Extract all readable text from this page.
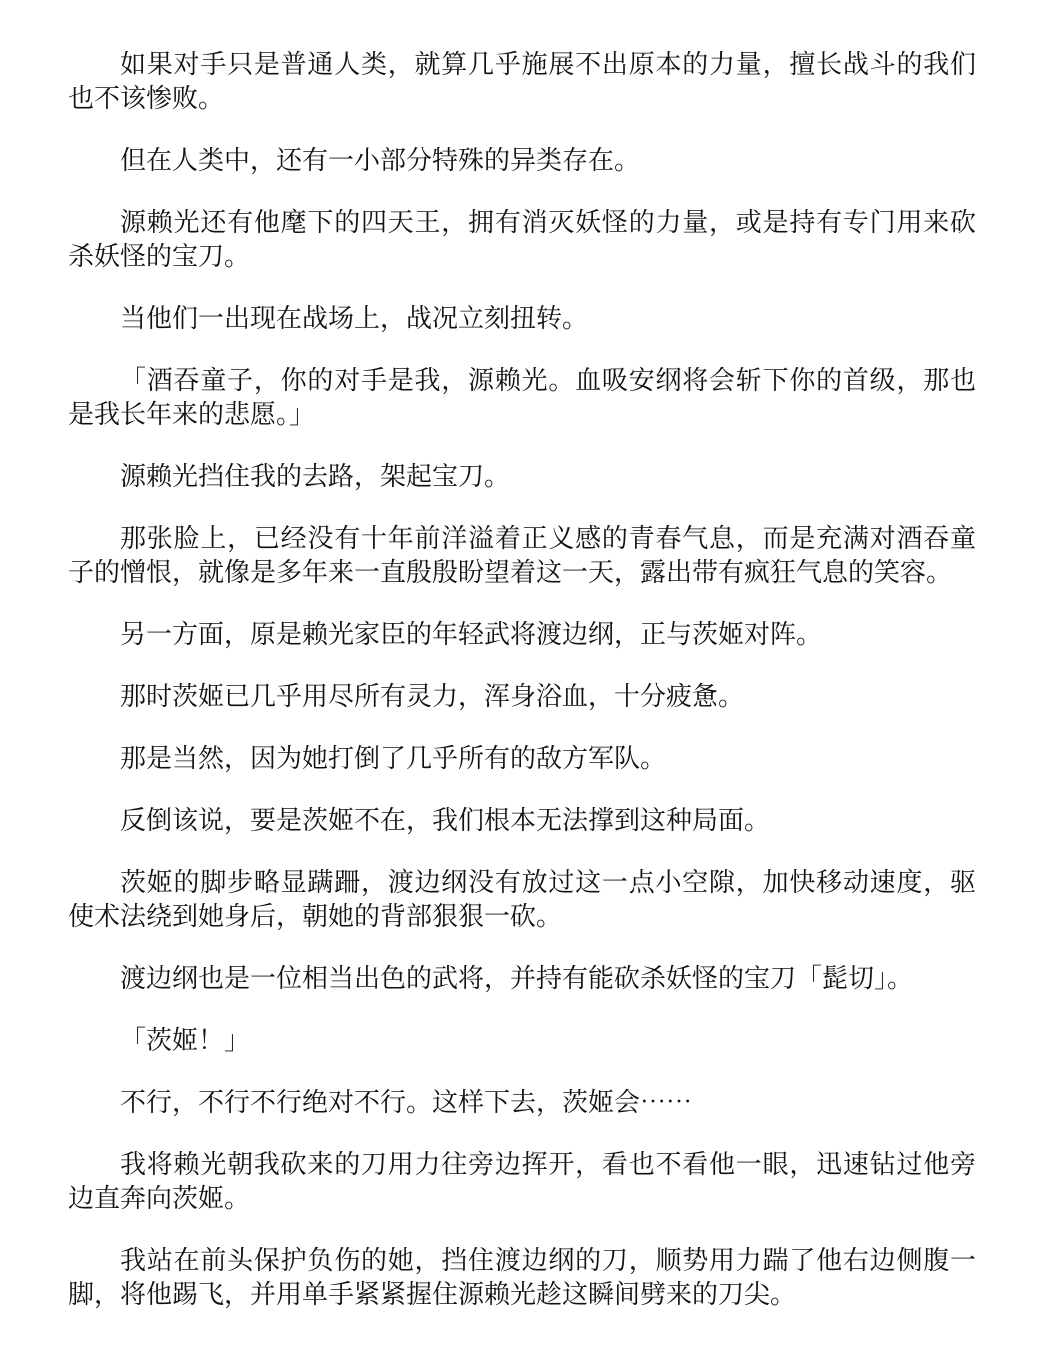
如果对手只是普通人类，就算几乎施展不出原本的力量，擅长战斗的我们也不该惨败。

但在人类中，还有一小部分特殊的异类存在。

源赖光还有他麾下的四天王，拥有消灭妖怪的力量，或是持有专门用来砍杀妖怪的宝刀。

当他们一出现在战场上，战况立刻扭转。

「酒吞童子，你的对手是我，源赖光。血吸安纲将会斩下你的首级，那也是我长年来的悲愿。」

源赖光挡住我的去路，架起宝刀。

那张脸上，已经没有十年前洋溢着正义感的青春气息，而是充满对酒吞童子的憎恨，就像是多年来一直殷殷盼望着这一天，露出带有疯狂气息的笑容。

另一方面，原是赖光家臣的年轻武将渡边纲，正与茨姬对阵。

那时茨姬已几乎用尽所有灵力，浑身浴血，十分疲惫。

那是当然，因为她打倒了几乎所有的敌方军队。

反倒该说，要是茨姬不在，我们根本无法撑到这种局面。

茨姬的脚步略显蹒跚，渡边纲没有放过这一点小空隙，加快移动速度，驱使术法绕到她身后，朝她的背部狠狠一砍。

渡边纲也是一位相当出色的武将，并持有能砍杀妖怪的宝刀「髭切」。

「茨姬！」

不行，不行不行绝对不行。这样下去，茨姬会⋯⋯

我将赖光朝我砍来的刀用力往旁边挥开，看也不看他一眼，迅速钻过他旁边直奔向茨姬。

我站在前头保护负伤的她，挡住渡边纲的刀，顺势用力踹了他右边侧腹一脚，将他踢飞，并用单手紧紧握住源赖光趁这瞬间劈来的刀尖。
